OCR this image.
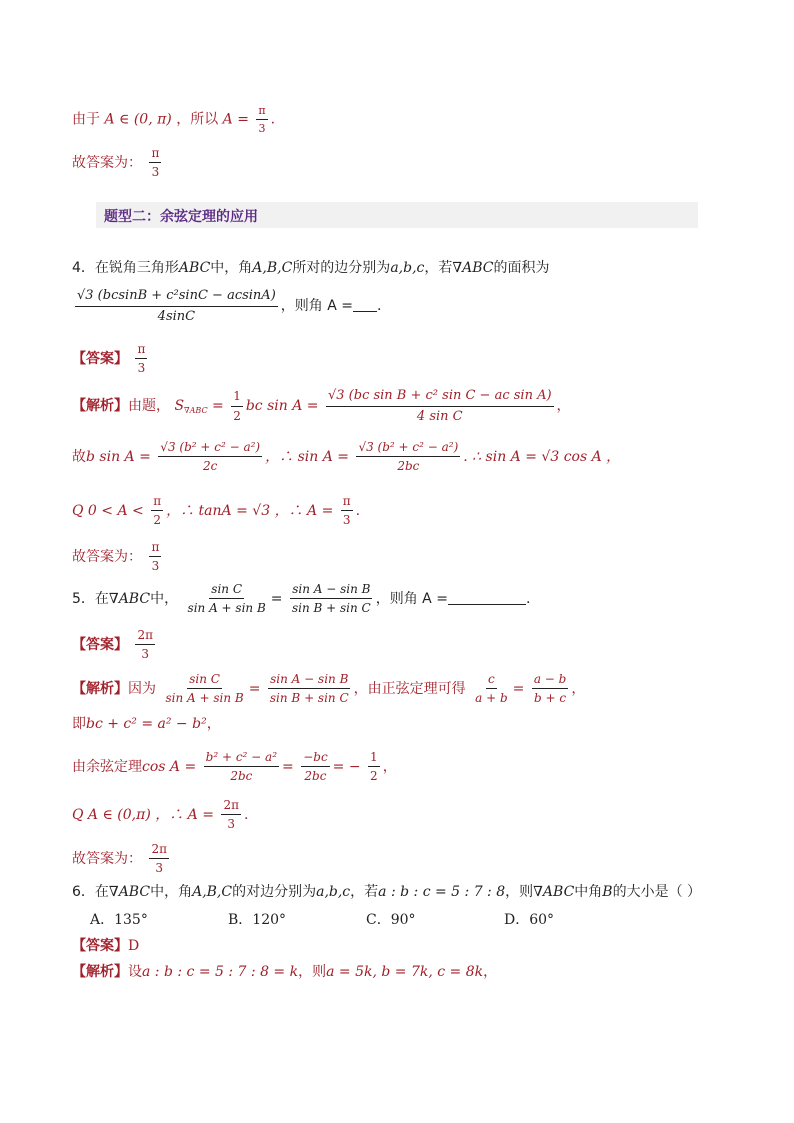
由于 A ∈ (0, π) ，所以 $A = \frac{\pi}{3}$ .
故答案为： $\frac{\pi}{3}$
题型二：余弦定理的应用
4．在锐角三角形ABC中，角A,B,C所对的边分别为a,b,c，若∇ABC的面积为
$\frac{\text{√3 (bcsinB + c²sinC − acsinA)}}{4\sin C}$ ，则角 A = .
【答案】 $\frac{\pi}{3}$
【解析】由题， $S_{\nabla ABC} = \frac{1}{2}$ bc $\sin A = \frac{\text{√3 (bc sin B + c² sin C − ac sin A)}}{\text{4 sin C}}$ ，
故b $\sin A = \frac{\text{√3 (b² + c² − a²)}}{2c}$ ，∴ $\sin A = \frac{\text{√3 (b² + c² − a²)}}{2bc}$ . ∴ sin A = √3 cos A ，
Q $0 < A < \frac{\pi}{2}$ ，∴ tanA = √3 ，∴ $A = \frac{\pi}{3}$ .
故答案为： $\frac{\pi}{3}$
5．在∇ABC中， $\frac{\text{sin C}}{\text{sin A + sin B}} = \frac{\text{sin A − sin B}}{\text{sin B + sin C}}$ ，则角 A =	.
【答案】 $\frac{2\pi}{3}$
【解析】因为 $\frac{\text{sin C}}{\text{sin A + sin B}} = \frac{\text{sin A − sin B}}{\text{sin B + sin C}}$ ，由正弦定理可得 $\frac{c}{a + b} = \frac{a - b}{b + c}$ ，
即bc + c² = a² − b²，
由余弦定理$\cos A = \frac{\text{b² + c² − a²}}{2bc} = \frac{-bc}{2bc}$ = − $\frac{1}{2}$ ，
Q A ∈ (0,π) ，∴ $A = \frac{2\pi}{3}$ .
故答案为： $\frac{2\pi}{3}$
6．在∇ABC中，角A,B,C的对边分别为a,b,c，若a : b : c = 5 : 7 : 8，则∇ABC中角B的大小是（ ）
A．135°	B．120°	C．90°	D．60°
【答案】D
【解析】设a : b : c = 5 : 7 : 8 = k，则a = 5k, b = 7k, c = 8k，
